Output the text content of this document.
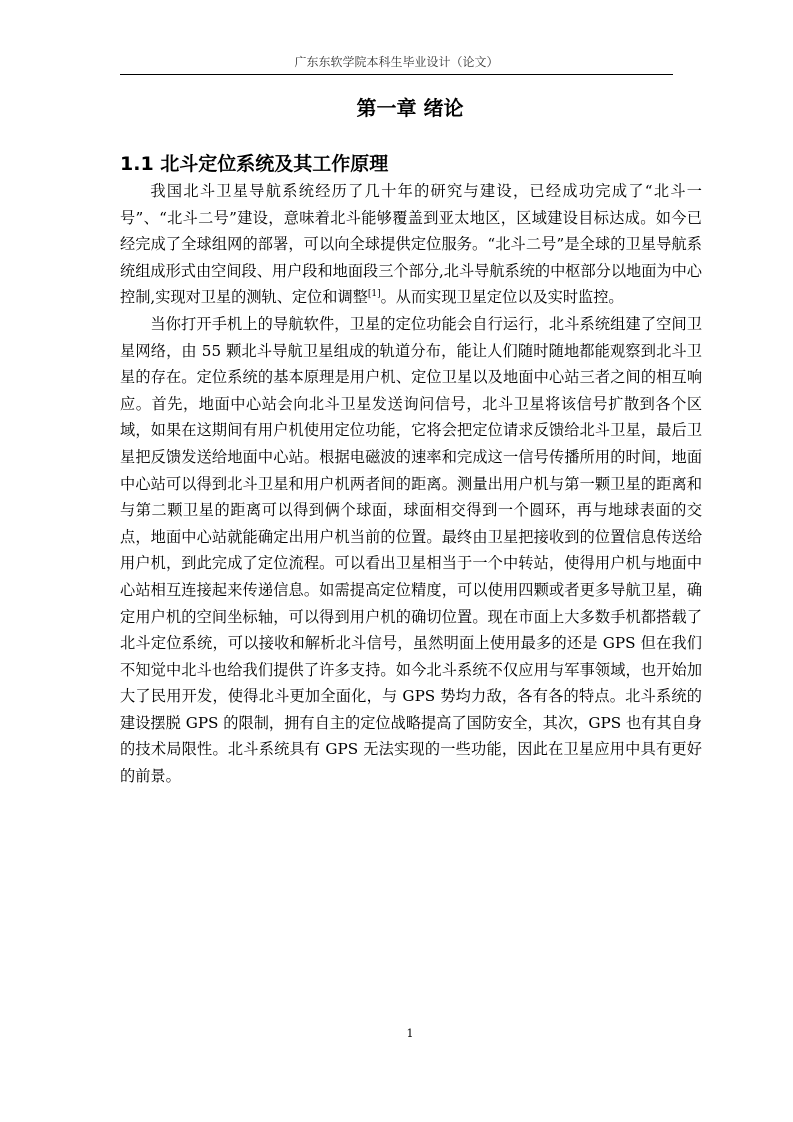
广东东软学院本科生毕业设计（论文）
第一章 绪论
1.1 北斗定位系统及其工作原理

我国北斗卫星导航系统经历了几十年的研究与建设，已经成功完成了“北斗一号”、“北斗二号”建设，意味着北斗能够覆盖到亚太地区，区域建设目标达成。如今已经完成了全球组网的部署，可以向全球提供定位服务。“北斗二号”是全球的卫星导航系统组成形式由空间段、用户段和地面段三个部分,北斗导航系统的中枢部分以地面为中心控制,实现对卫星的测轨、定位和调整[1]。从而实现卫星定位以及实时监控。

当你打开手机上的导航软件，卫星的定位功能会自行运行，北斗系统组建了空间卫星网络，由 55 颗北斗导航卫星组成的轨道分布，能让人们随时随地都能观察到北斗卫星的存在。定位系统的基本原理是用户机、定位卫星以及地面中心站三者之间的相互响应。首先，地面中心站会向北斗卫星发送询问信号，北斗卫星将该信号扩散到各个区域，如果在这期间有用户机使用定位功能，它将会把定位请求反馈给北斗卫星，最后卫星把反馈发送给地面中心站。根据电磁波的速率和完成这一信号传播所用的时间，地面中心站可以得到北斗卫星和用户机两者间的距离。测量出用户机与第一颗卫星的距离和与第二颗卫星的距离可以得到俩个球面，球面相交得到一个圆环，再与地球表面的交点，地面中心站就能确定出用户机当前的位置。最终由卫星把接收到的位置信息传送给用户机，到此完成了定位流程。可以看出卫星相当于一个中转站，使得用户机与地面中心站相互连接起来传递信息。如需提高定位精度，可以使用四颗或者更多导航卫星，确定用户机的空间坐标轴，可以得到用户机的确切位置。现在市面上大多数手机都搭载了北斗定位系统，可以接收和解析北斗信号，虽然明面上使用最多的还是 GPS 但在我们不知觉中北斗也给我们提供了许多支持。如今北斗系统不仅应用与军事领域，也开始加大了民用开发，使得北斗更加全面化，与 GPS 势均力敌，各有各的特点。北斗系统的建设摆脱 GPS 的限制，拥有自主的定位战略提高了国防安全，其次，GPS 也有其自身的技术局限性。北斗系统具有 GPS 无法实现的一些功能，因此在卫星应用中具有更好的前景。

1
